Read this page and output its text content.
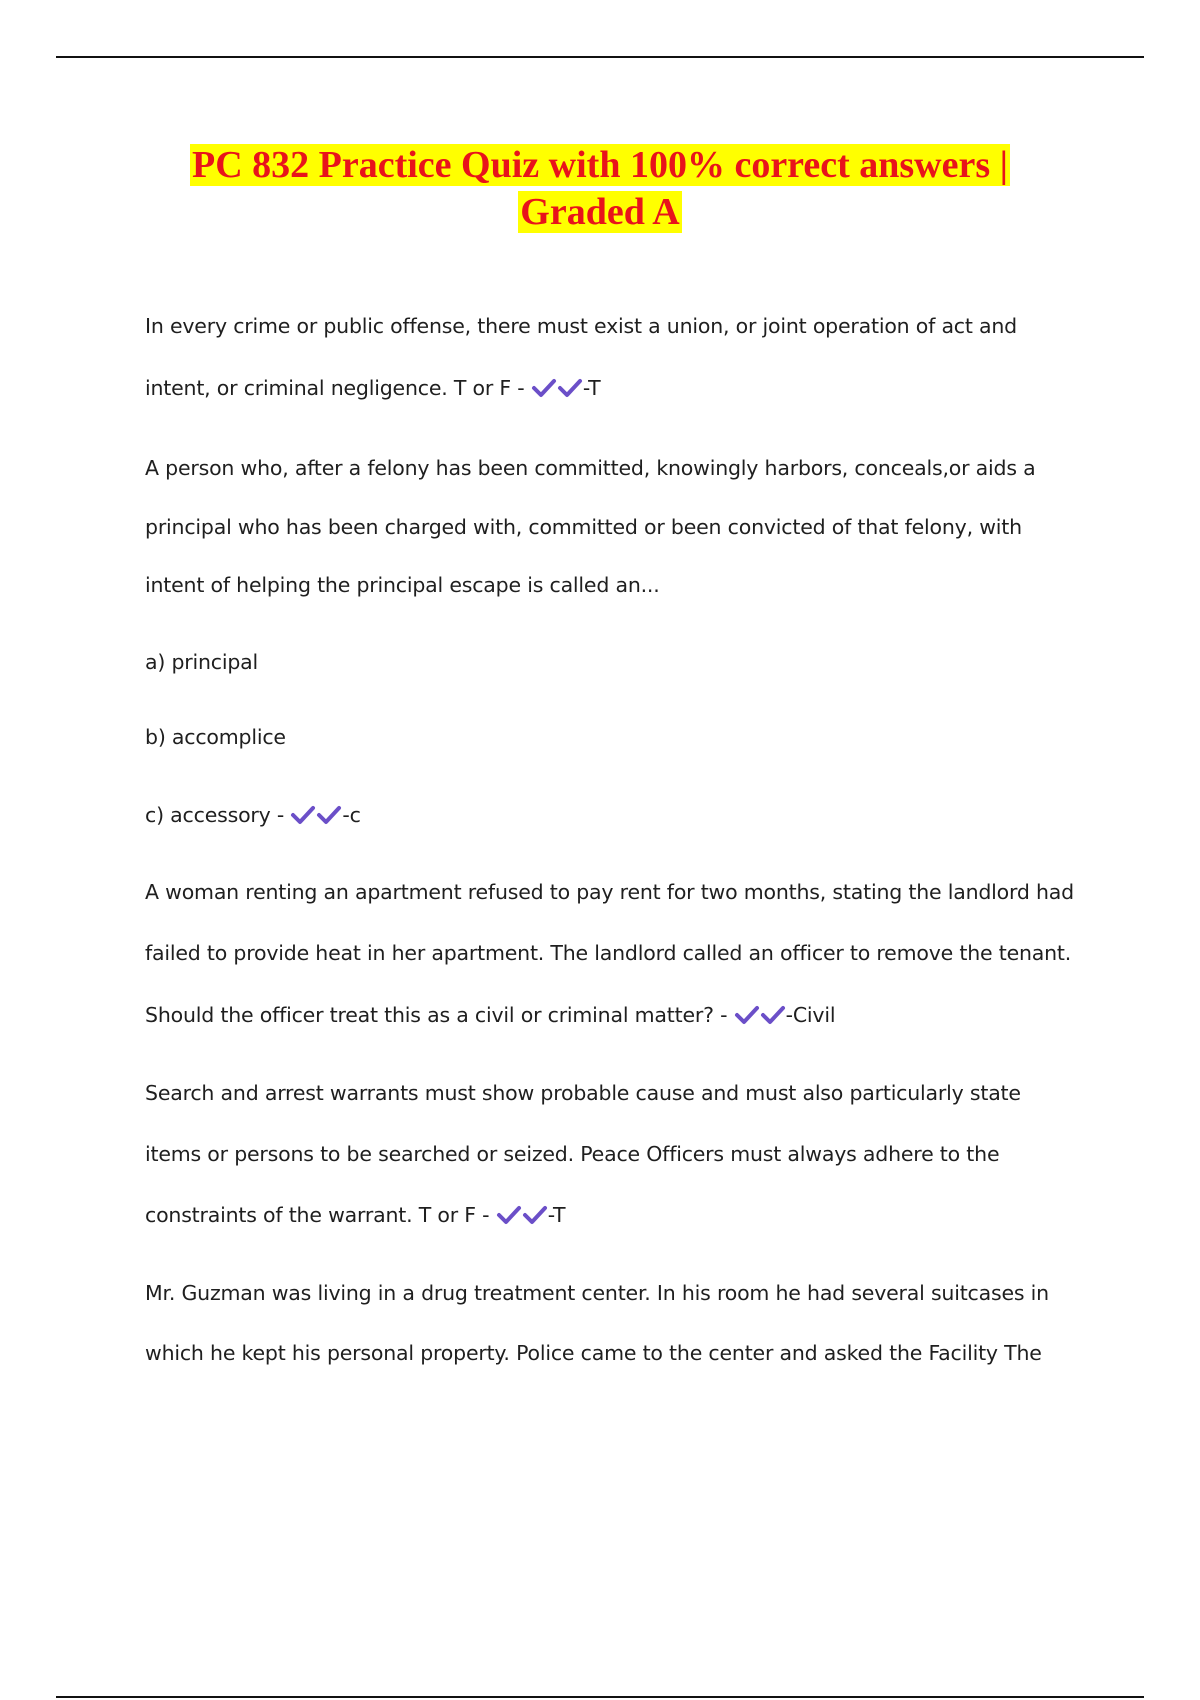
PC 832 Practice Quiz with 100% correct answers |
Graded A
In every crime or public offense, there must exist a union, or joint operation of act and
intent, or criminal negligence. T or F -	-T
A person who, after a felony has been committed, knowingly harbors, conceals,or aids a
principal who has been charged with, committed or been convicted of that felony, with
intent of helping the principal escape is called an...
a) principal
b) accomplice
c) accessory -	-c
A woman renting an apartment refused to pay rent for two months, stating the landlord had
failed to provide heat in her apartment. The landlord called an officer to remove the tenant.
Should the officer treat this as a civil or criminal matter? -	-Civil
Search and arrest warrants must show probable cause and must also particularly state
items or persons to be searched or seized. Peace Officers must always adhere to the
constraints of the warrant. T or F -	-T
Mr. Guzman was living in a drug treatment center. In his room he had several suitcases in
which he kept his personal property. Police came to the center and asked the Facility The
